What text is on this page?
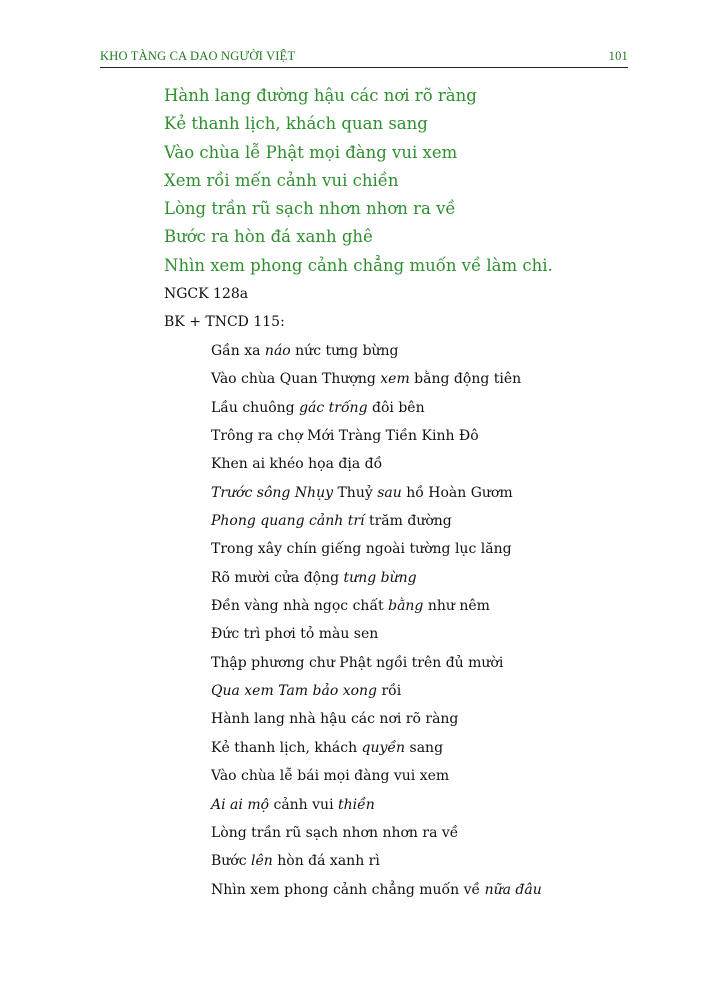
KHO TÀNG CA DAO NGƯỜI VIỆT	101
Hành lang đường hậu các nơi rõ ràng
Kẻ thanh lịch, khách quan sang
Vào chùa lễ Phật mọi đàng vui xem
Xem rồi mến cảnh vui chiền
Lòng trần rũ sạch nhơn nhơn ra về
Bước ra hòn đá xanh ghê
Nhìn xem phong cảnh chẳng muốn về làm chi.
NGCK 128a
BK + TNCD 115:
Gần xa náo nức tưng bừng
Vào chùa Quan Thượng xem bằng động tiên
Lầu chuông gác trống đôi bên
Trông ra chợ Mới Tràng Tiền Kinh Đô
Khen ai khéo họa địa đồ
Trước sông Nhụy Thuỷ sau hồ Hoàn Gươm
Phong quang cảnh trí trăm đường
Trong xây chín giếng ngoài tường lục lăng
Rõ mười cửa động tưng bừng
Đền vàng nhà ngọc chất bằng như nêm
Đức trì phơi tỏ màu sen
Thập phương chư Phật ngồi trên đủ mười
Qua xem Tam bảo xong rồi
Hành lang nhà hậu các nơi rõ ràng
Kẻ thanh lịch, khách quyền sang
Vào chùa lễ bái mọi đàng vui xem
Ai ai mộ cảnh vui thiền
Lòng trần rũ sạch nhơn nhơn ra về
Bước lên hòn đá xanh rì
Nhìn xem phong cảnh chẳng muốn về nữa đâu
